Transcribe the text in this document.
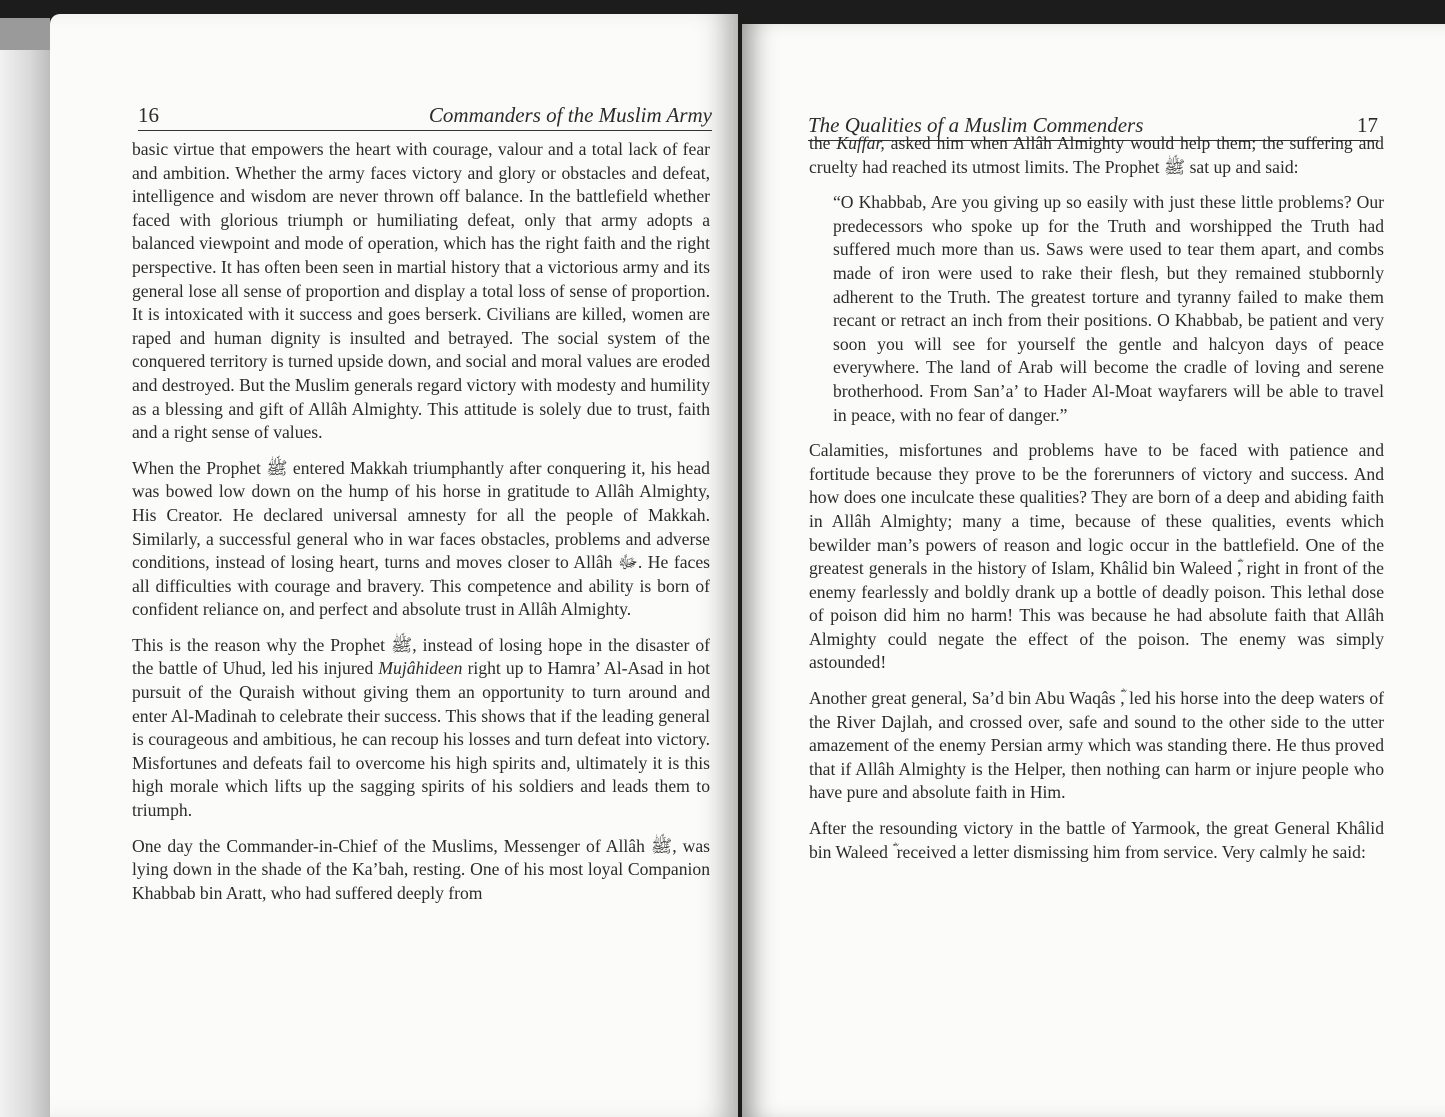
16	Commanders of the Muslim Army

basic virtue that empowers the heart with courage, valour and a total lack of fear and ambition. Whether the army faces victory and glory or obstacles and defeat, intelligence and wisdom are never thrown off balance. In the battlefield whether faced with glorious triumph or humiliating defeat, only that army adopts a balanced viewpoint and mode of operation, which has the right faith and the right perspective. It has often been seen in martial history that a victorious army and its general lose all sense of proportion and display a total loss of sense of proportion. It is intoxicated with it success and goes berserk. Civilians are killed, women are raped and human dignity is insulted and betrayed. The social system of the conquered territory is turned upside down, and social and moral values are eroded and destroyed. But the Muslim generals regard victory with modesty and humility as a blessing and gift of Allâh Almighty. This attitude is solely due to trust, faith and a right sense of values.

When the Prophet ﷺ entered Makkah triumphantly after conquering it, his head was bowed low down on the hump of his horse in gratitude to Allâh Almighty, His Creator. He declared universal amnesty for all the people of Makkah. Similarly, a successful general who in war faces obstacles, problems and adverse conditions, instead of losing heart, turns and moves closer to Allâh ﷻ. He faces all difficulties with courage and bravery. This competence and ability is born of confident reliance on, and perfect and absolute trust in Allâh Almighty.

This is the reason why the Prophet ﷺ, instead of losing hope in the disaster of the battle of Uhud, led his injured Mujâhideen right up to Hamra’ Al-Asad in hot pursuit of the Quraish without giving them an opportunity to turn around and enter Al-Madinah to celebrate their success. This shows that if the leading general is courageous and ambitious, he can recoup his losses and turn defeat into victory. Misfortunes and defeats fail to overcome his high spirits and, ultimately it is this high morale which lifts up the sagging spirits of his soldiers and leads them to triumph.

One day the Commander-in-Chief of the Muslims, Messenger of Allâh ﷺ, was lying down in the shade of the Ka’bah, resting. One of his most loyal Companion Khabbab bin Aratt, who had suffered deeply from

The Qualities of a Muslim Commenders	17

the Kuffar, asked him when Allâh Almighty would help them; the suffering and cruelty had reached its utmost limits. The Prophet ﷺ sat up and said:

“O Khabbab, Are you giving up so easily with just these little problems? Our predecessors who spoke up for the Truth and worshipped the Truth had suffered much more than us. Saws were used to tear them apart, and combs made of iron were used to rake their flesh, but they remained stubbornly adherent to the Truth. The greatest torture and tyranny failed to make them recant or retract an inch from their positions. O Khabbab, be patient and very soon you will see for yourself the gentle and halcyon days of peace everywhere. The land of Arab will become the cradle of loving and serene brotherhood. From San’a’ to Hader Al-Moat wayfarers will be able to travel in peace, with no fear of danger.”

Calamities, misfortunes and problems have to be faced with patience and fortitude because they prove to be the forerunners of victory and success. And how does one inculcate these qualities? They are born of a deep and abiding faith in Allâh Almighty; many a time, because of these qualities, events which bewilder man’s powers of reason and logic occur in the battlefield. One of the greatest generals in the history of Islam, Khâlid bin Waleed ؓ, right in front of the enemy fearlessly and boldly drank up a bottle of deadly poison. This lethal dose of poison did him no harm! This was because he had absolute faith that Allâh Almighty could negate the effect of the poison. The enemy was simply astounded!

Another great general, Sa’d bin Abu Waqâs ؓ, led his horse into the deep waters of the River Dajlah, and crossed over, safe and sound to the other side to the utter amazement of the enemy Persian army which was standing there. He thus proved that if Allâh Almighty is the Helper, then nothing can harm or injure people who have pure and absolute faith in Him.

After the resounding victory in the battle of Yarmook, the great General Khâlid bin Waleed ؓ received a letter dismissing him from service. Very calmly he said:
